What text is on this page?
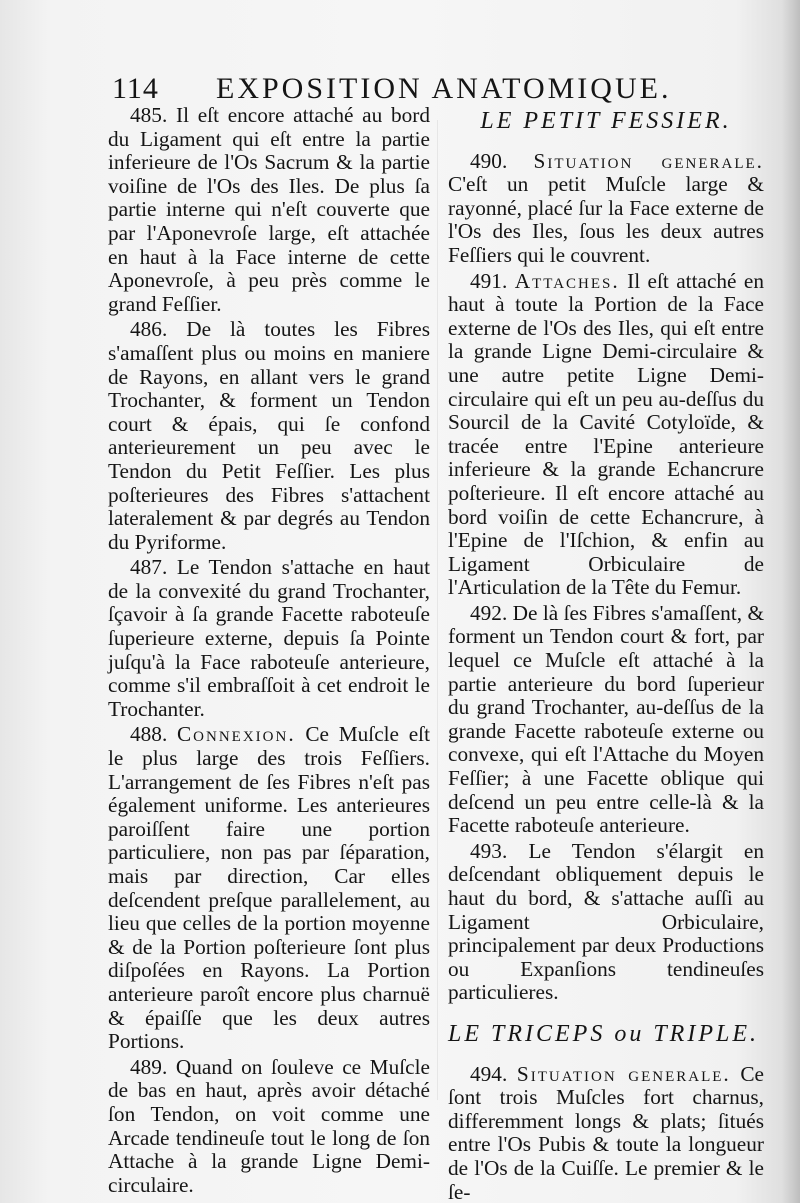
114 EXPOSITION ANATOMIQUE.

485. Il eſt encore attaché au bord du Ligament qui eſt entre la partie inferieure de l'Os Sacrum & la partie voiſine de l'Os des Iles. De plus ſa partie interne qui n'eſt couverte que par l'Aponevroſe large, eſt attachée en haut à la Face interne de cette Aponevroſe, à peu près comme le grand Feſſier.

486. De là toutes les Fibres s'amaſſent plus ou moins en maniere de Rayons, en allant vers le grand Trochanter, & forment un Tendon court & épais, qui ſe confond anterieurement un peu avec le Tendon du Petit Feſſier. Les plus poſterieures des Fibres s'attachent lateralement & par degrés au Tendon du Pyriforme.

487. Le Tendon s'attache en haut de la convexité du grand Trochanter, ſçavoir à ſa grande Facette raboteuſe ſuperieure externe, depuis ſa Pointe juſqu'à la Face raboteuſe anterieure, comme s'il embraſſoit à cet endroit le Trochanter.

488. Connexion. Ce Muſcle eſt le plus large des trois Feſſiers. L'arrangement de ſes Fibres n'eſt pas également uniforme. Les anterieures paroiſſent faire une portion particuliere, non pas par ſéparation, mais par direction, Car elles deſcendent preſque parallelement, au lieu que celles de la portion moyenne & de la Portion poſterieure ſont plus diſpoſées en Rayons. La Portion anterieure paroît encore plus charnuë & épaiſſe que les deux autres Portions.

489. Quand on ſouleve ce Muſcle de bas en haut, après avoir détaché ſon Tendon, on voit comme une Arcade tendineuſe tout le long de ſon Attache à la grande Ligne Demi-circulaire.

LE PETIT FESSIER.

490. Situation generale. C'eſt un petit Muſcle large & rayonné, placé ſur la Face externe de l'Os des Iles, ſous les deux autres Feſſiers qui le couvrent.

491. Attaches. Il eſt attaché en haut à toute la Portion de la Face externe de l'Os des Iles, qui eſt entre la grande Ligne Demi-circulaire & une autre petite Ligne Demi-circulaire qui eſt un peu au-deſſus du Sourcil de la Cavité Cotyloïde, & tracée entre l'Epine anterieure inferieure & la grande Echancrure poſterieure. Il eſt encore attaché au bord voiſin de cette Echancrure, à l'Epine de l'Iſchion, & enfin au Ligament Orbiculaire de l'Articulation de la Tête du Femur.

492. De là ſes Fibres s'amaſſent, & forment un Tendon court & fort, par lequel ce Muſcle eſt attaché à la partie anterieure du bord ſuperieur du grand Trochanter, au-deſſus de la grande Facette raboteuſe externe ou convexe, qui eſt l'Attache du Moyen Feſſier; à une Facette oblique qui deſcend un peu entre celle-là & la Facette raboteuſe anterieure.

493. Le Tendon s'élargit en deſcendant obliquement depuis le haut du bord, & s'attache auſſi au Ligament Orbiculaire, principalement par deux Productions ou Expanſions tendineuſes particulieres.

LE TRICEPS ou TRIPLE.

494. Situation generale. Ce ſont trois Muſcles fort charnus, differemment longs & plats; ſitués entre l'Os Pubis & toute la longueur de l'Os de la Cuiſſe. Le premier & le ſe-
